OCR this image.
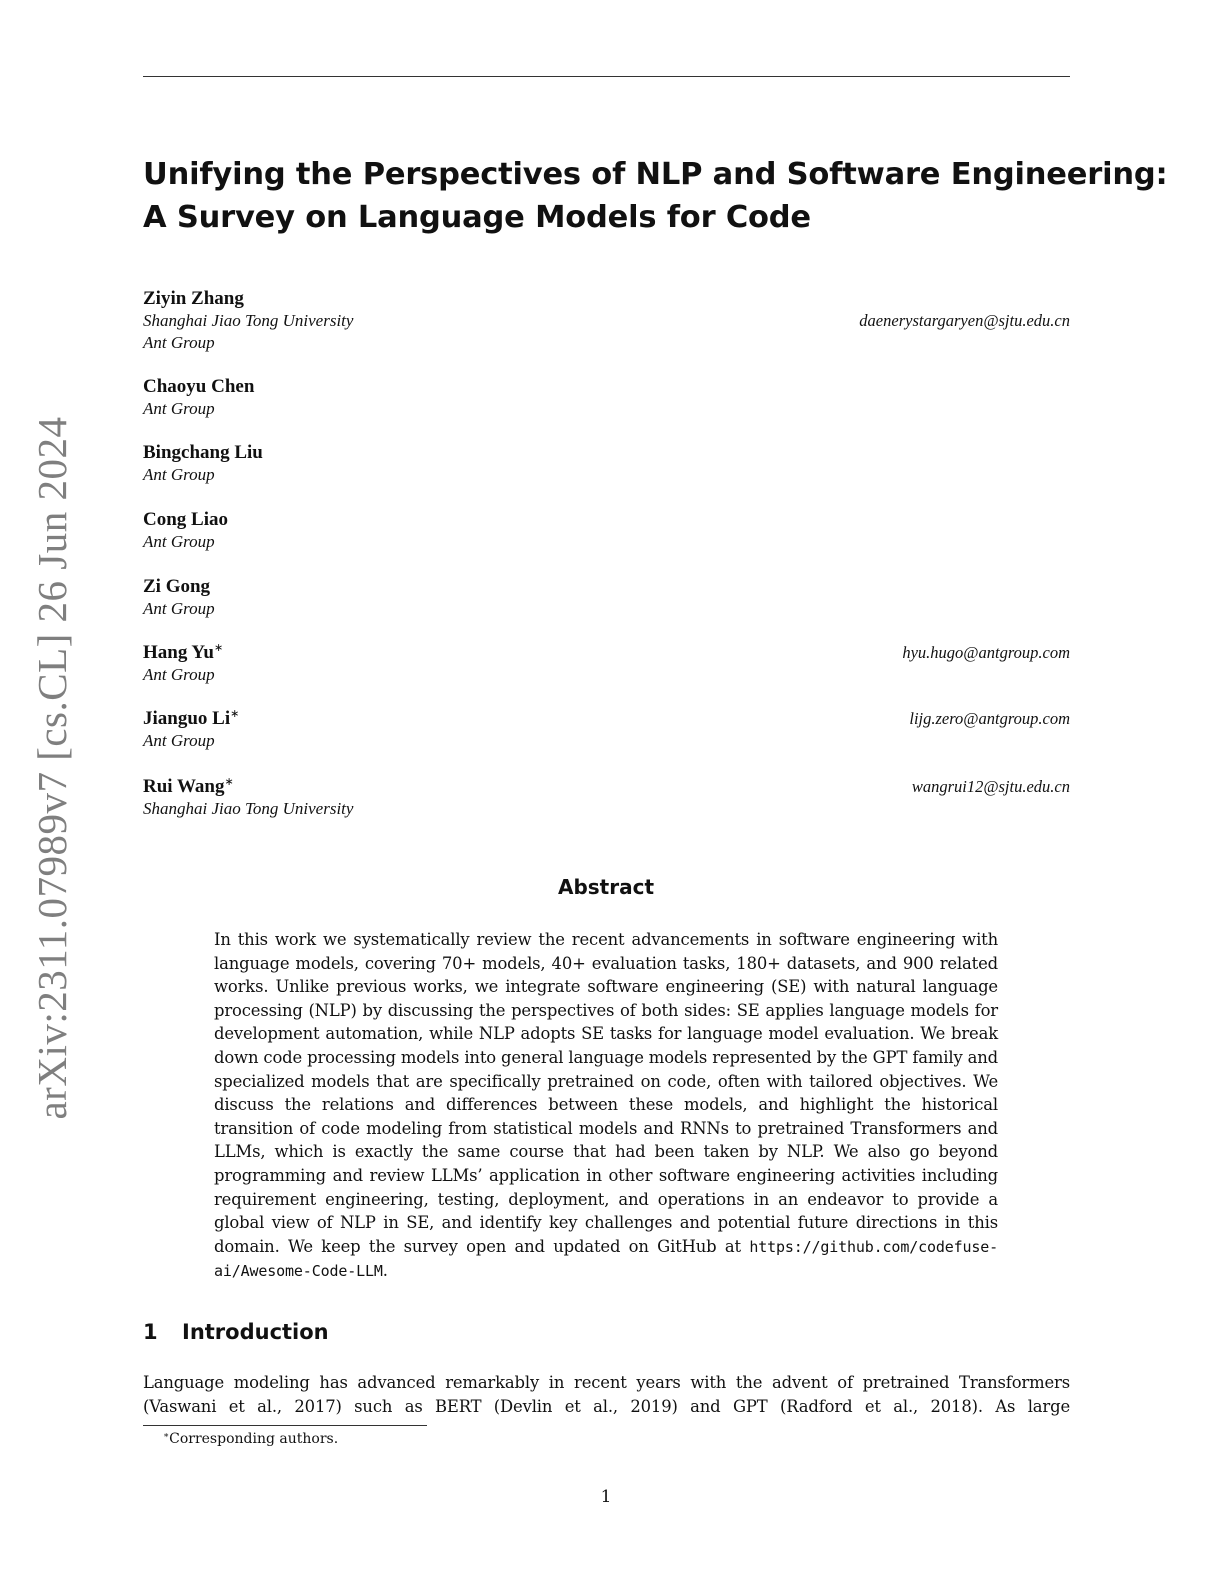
arXiv:2311.07989v7 [cs.CL] 26 Jun 2024
Unifying the Perspectives of NLP and Software Engineering:
A Survey on Language Models for Code
Ziyin Zhang
Shanghai Jiao Tong University
Ant Group
daenerystargaryen@sjtu.edu.cn
Chaoyu Chen
Ant Group
Bingchang Liu
Ant Group
Cong Liao
Ant Group
Zi Gong
Ant Group
Hang Yu∗
Ant Group
hyu.hugo@antgroup.com
Jianguo Li∗
Ant Group
lijg.zero@antgroup.com
Rui Wang∗
Shanghai Jiao Tong University
wangrui12@sjtu.edu.cn
Abstract

In this work we systematically review the recent advancements in software engineering with language models, covering 70+ models, 40+ evaluation tasks, 180+ datasets, and 900 related works. Unlike previous works, we integrate software engineering (SE) with natural language processing (NLP) by discussing the perspectives of both sides: SE applies language models for development automation, while NLP adopts SE tasks for language model evaluation. We break down code processing models into general language models represented by the GPT family and specialized models that are specifically pretrained on code, often with tailored objectives. We discuss the relations and differences between these models, and highlight the historical transition of code modeling from statistical models and RNNs to pretrained Transformers and LLMs, which is exactly the same course that had been taken by NLP. We also go beyond programming and review LLMs’ application in other software engineering activities including requirement engineering, testing, deployment, and operations in an endeavor to provide a global view of NLP in SE, and identify key challenges and potential future directions in this domain. We keep the survey open and updated on GitHub at https://github.com/codefuse-ai/Awesome-Code-LLM.

1 Introduction

Language modeling has advanced remarkably in recent years with the advent of pretrained Transformers (Vaswani et al., 2017) such as BERT (Devlin et al., 2019) and GPT (Radford et al., 2018). As large

∗Corresponding authors.
1
